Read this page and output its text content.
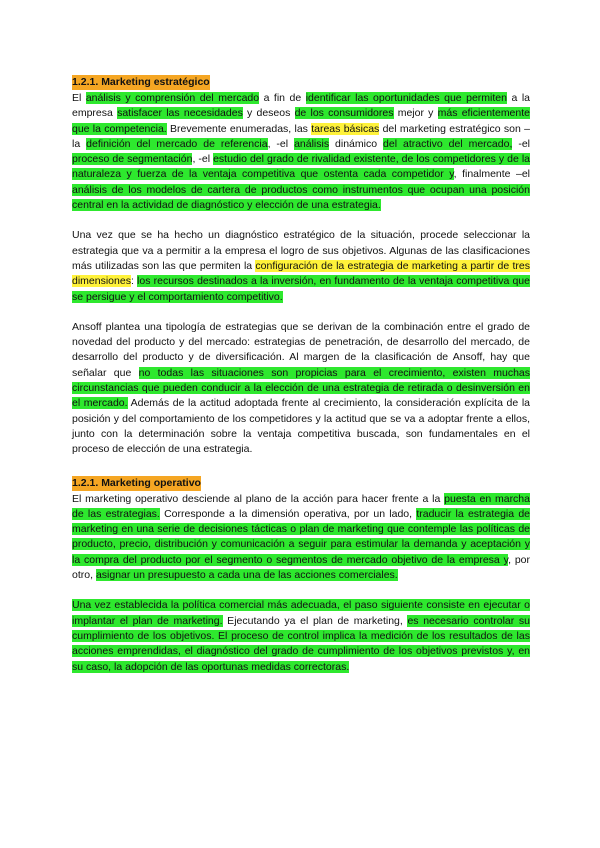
1.2.1. Marketing estratégico

El análisis y comprensión del mercado a fin de identificar las oportunidades que permiten a la empresa satisfacer las necesidades y deseos de los consumidores mejor y más eficientemente que la competencia. Brevemente enumeradas, las tareas básicas del marketing estratégico son –la definición del mercado de referencia, -el análisis dinámico del atractivo del mercado, -el proceso de segmentación, -el estudio del grado de rivalidad existente, de los competidores y de la naturaleza y fuerza de la ventaja competitiva que ostenta cada competidor y, finalmente –el análisis de los modelos de cartera de productos como instrumentos que ocupan una posición central en la actividad de diagnóstico y elección de una estrategia.

Una vez que se ha hecho un diagnóstico estratégico de la situación, procede seleccionar la estrategia que va a permitir a la empresa el logro de sus objetivos. Algunas de las clasificaciones más utilizadas son las que permiten la configuración de la estrategia de marketing a partir de tres dimensiones: los recursos destinados a la inversión, en fundamento de la ventaja competitiva que se persigue y el comportamiento competitivo.

Ansoff plantea una tipología de estrategias que se derivan de la combinación entre el grado de novedad del producto y del mercado: estrategias de penetración, de desarrollo del mercado, de desarrollo del producto y de diversificación. Al margen de la clasificación de Ansoff, hay que señalar que no todas las situaciones son propicias para el crecimiento, existen muchas circunstancias que pueden conducir a la elección de una estrategia de retirada o desinversión en el mercado. Además de la actitud adoptada frente al crecimiento, la consideración explícita de la posición y del comportamiento de los competidores y la actitud que se va a adoptar frente a ellos, junto con la determinación sobre la ventaja competitiva buscada, son fundamentales en el proceso de elección de una estrategia.

1.2.1. Marketing operativo

El marketing operativo desciende al plano de la acción para hacer frente a la puesta en marcha de las estrategias. Corresponde a la dimensión operativa, por un lado, traducir la estrategia de marketing en una serie de decisiones tácticas o plan de marketing que contemple las políticas de producto, precio, distribución y comunicación a seguir para estimular la demanda y aceptación y la compra del producto por el segmento o segmentos de mercado objetivo de la empresa y, por otro, asignar un presupuesto a cada una de las acciones comerciales.

Una vez establecida la política comercial más adecuada, el paso siguiente consiste en ejecutar o implantar el plan de marketing. Ejecutando ya el plan de marketing, es necesario controlar su cumplimiento de los objetivos. El proceso de control implica la medición de los resultados de las acciones emprendidas, el diagnóstico del grado de cumplimiento de los objetivos previstos y, en su caso, la adopción de las oportunas medidas correctoras.
